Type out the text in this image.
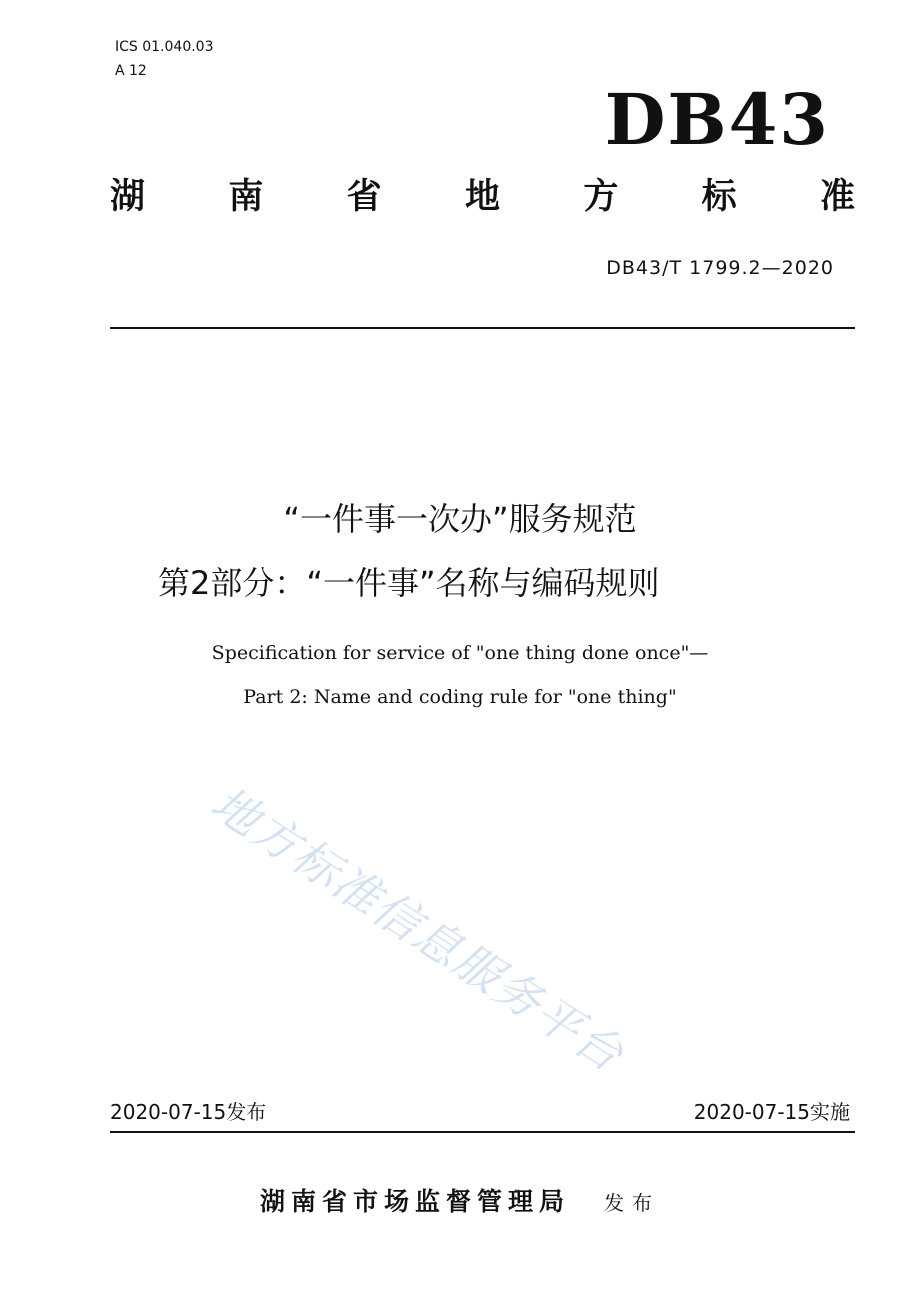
ICS 01.040.03
A 12
DB43
湖 南 省 地 方 标 准
DB43/T 1799.2—2020
“一件事一次办”服务规范
第2部分：“一件事”名称与编码规则
Specification for service of "one thing done once"—
Part 2: Name and coding rule for "one thing"
地方标准信息服务平台
2020-07-15发布	2020-07-15实施
湖南省市场监督管理局 发布
